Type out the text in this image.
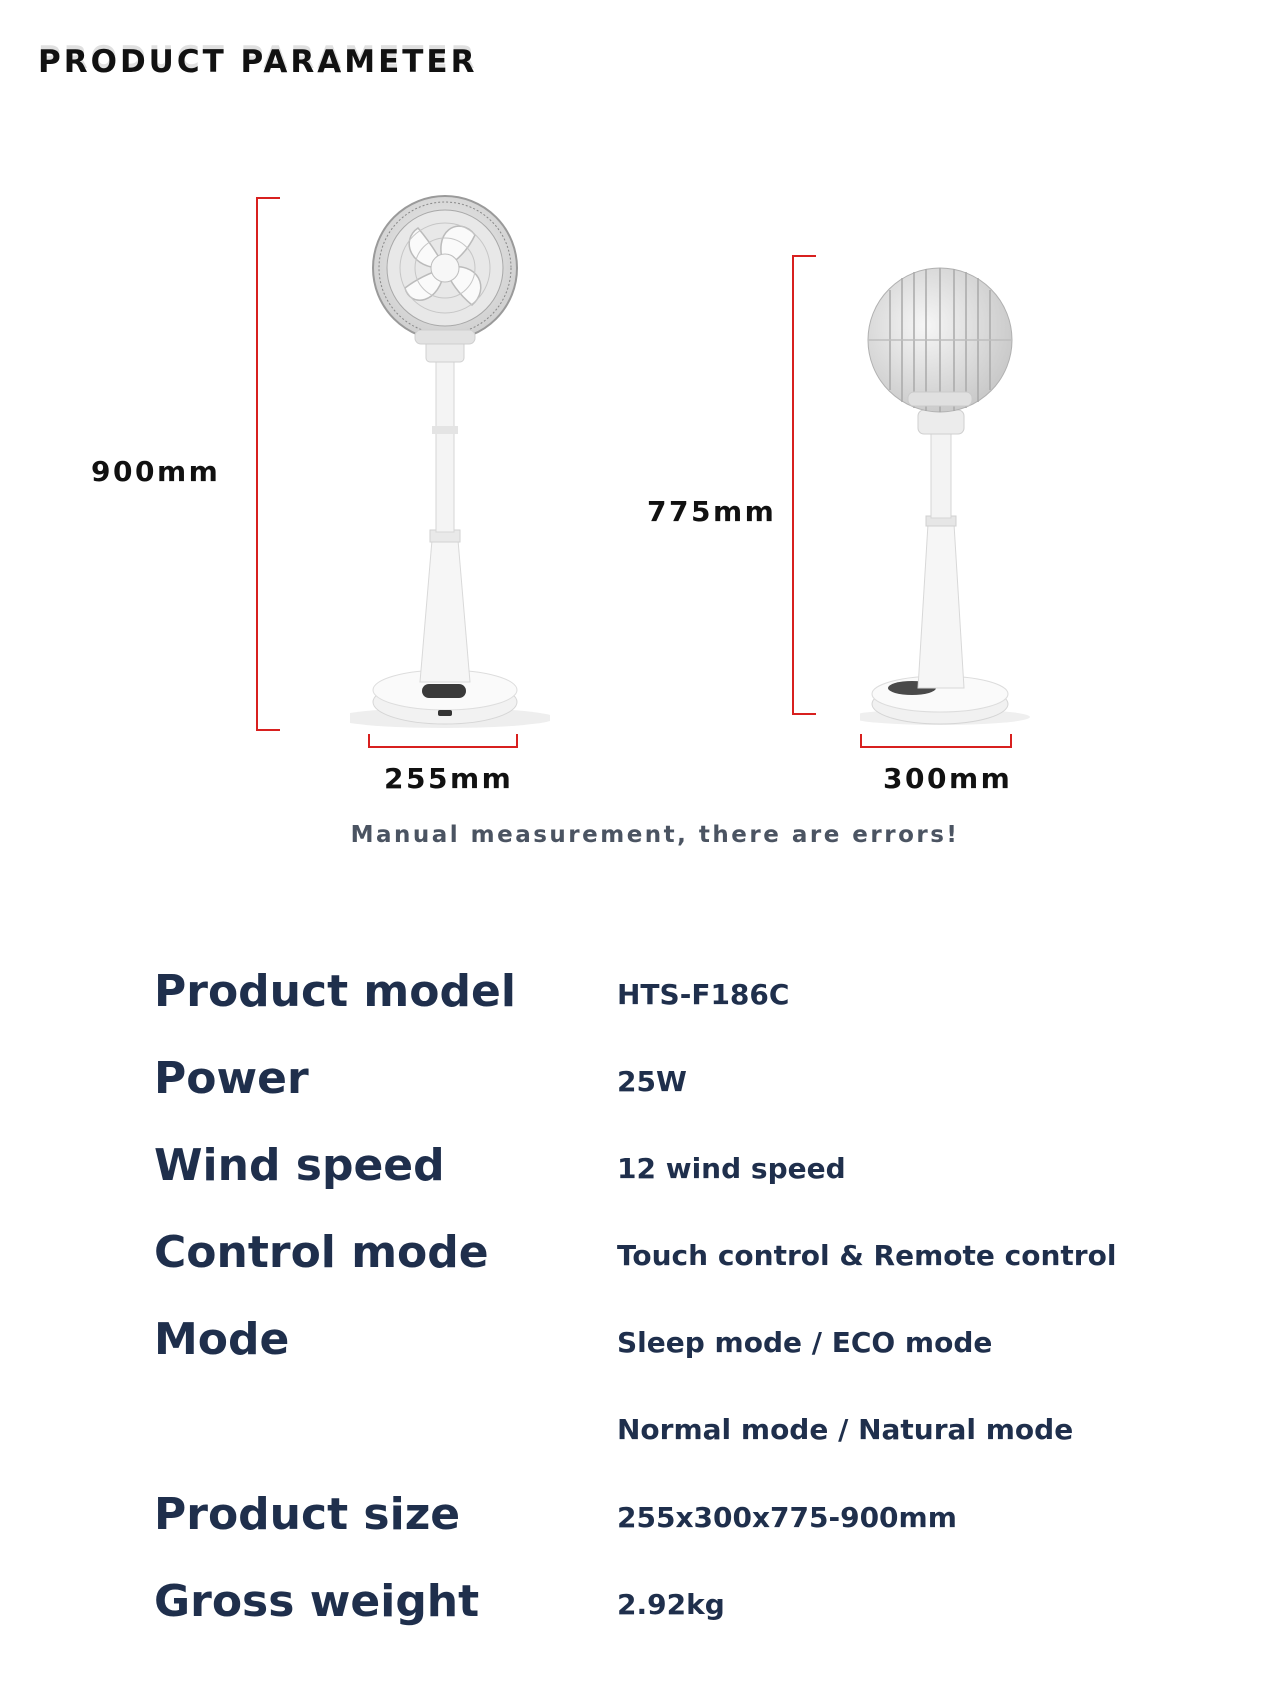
PRODUCT PARAMETER
900mm
255mm
775mm
300mm
Manual measurement, there are errors!
Product model	HTS-F186C
Power	25W
Wind speed	12 wind speed
Control mode	Touch control & Remote control
Mode	Sleep mode / ECO mode
Normal mode / Natural mode
Product size	255x300x775-900mm
Gross weight	2.92kg
